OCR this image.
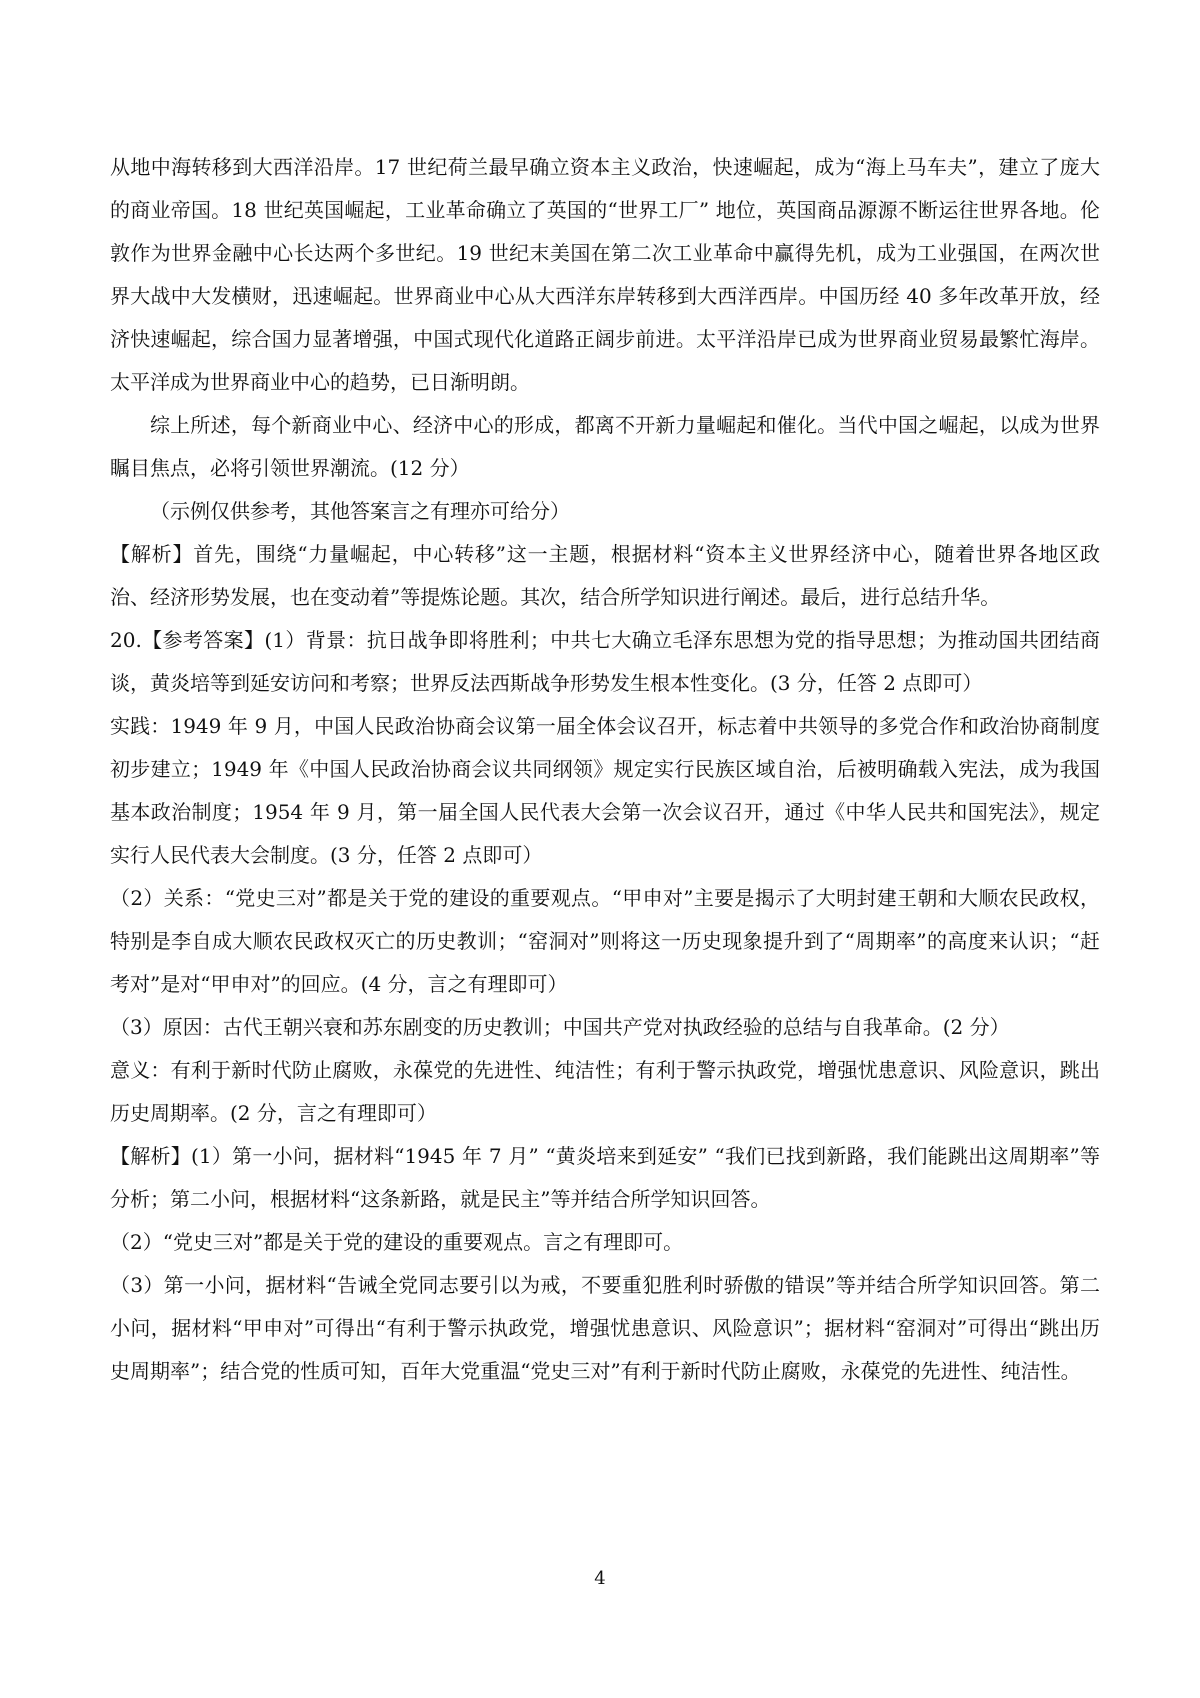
从地中海转移到大西洋沿岸。17 世纪荷兰最早确立资本主义政治，快速崛起，成为“海上马车夫”，建立了庞大的商业帝国。18 世纪英国崛起，工业革命确立了英国的“世界工厂” 地位，英国商品源源不断运往世界各地。伦敦作为世界金融中心长达两个多世纪。19 世纪末美国在第二次工业革命中赢得先机，成为工业强国，在两次世界大战中大发横财，迅速崛起。世界商业中心从大西洋东岸转移到大西洋西岸。中国历经 40 多年改革开放，经济快速崛起，综合国力显著增强，中国式现代化道路正阔步前进。太平洋沿岸已成为世界商业贸易最繁忙海岸。太平洋成为世界商业中心的趋势，已日渐明朗。

综上所述，每个新商业中心、经济中心的形成，都离不开新力量崛起和催化。当代中国之崛起，以成为世界瞩目焦点，必将引领世界潮流。(12 分）

（示例仅供参考，其他答案言之有理亦可给分）

【解析】首先，围绕“力量崛起，中心转移”这一主题，根据材料“资本主义世界经济中心，随着世界各地区政治、经济形势发展，也在变动着”等提炼论题。其次，结合所学知识进行阐述。最后，进行总结升华。

20.【参考答案】(1）背景：抗日战争即将胜利；中共七大确立毛泽东思想为党的指导思想；为推动国共团结商谈，黄炎培等到延安访问和考察；世界反法西斯战争形势发生根本性变化。(3 分，任答 2 点即可）

实践：1949 年 9 月，中国人民政治协商会议第一届全体会议召开，标志着中共领导的多党合作和政治协商制度初步建立；1949 年《中国人民政治协商会议共同纲领》规定实行民族区域自治，后被明确载入宪法，成为我国基本政治制度；1954 年 9 月，第一届全国人民代表大会第一次会议召开，通过《中华人民共和国宪法》，规定实行人民代表大会制度。(3 分，任答 2 点即可）

（2）关系：“党史三对”都是关于党的建设的重要观点。“甲申对”主要是揭示了大明封建王朝和大顺农民政权，特别是李自成大顺农民政权灭亡的历史教训；“窑洞对”则将这一历史现象提升到了“周期率”的高度来认识；“赶考对”是对“甲申对”的回应。(4 分，言之有理即可）

（3）原因：古代王朝兴衰和苏东剧变的历史教训；中国共产党对执政经验的总结与自我革命。(2 分）

意义：有利于新时代防止腐败，永葆党的先进性、纯洁性；有利于警示执政党，增强忧患意识、风险意识，跳出历史周期率。(2 分，言之有理即可）

【解析】(1）第一小问，据材料“1945 年 7 月” “黄炎培来到延安” “我们已找到新路，我们能跳出这周期率”等分析；第二小问，根据材料“这条新路，就是民主”等并结合所学知识回答。

（2）“党史三对”都是关于党的建设的重要观点。言之有理即可。

（3）第一小问，据材料“告诫全党同志要引以为戒，不要重犯胜利时骄傲的错误”等并结合所学知识回答。第二小问，据材料“甲申对”可得出“有利于警示执政党，增强忧患意识、风险意识”；据材料“窑洞对”可得出“跳出历史周期率”；结合党的性质可知，百年大党重温“党史三对”有利于新时代防止腐败，永葆党的先进性、纯洁性。

4
